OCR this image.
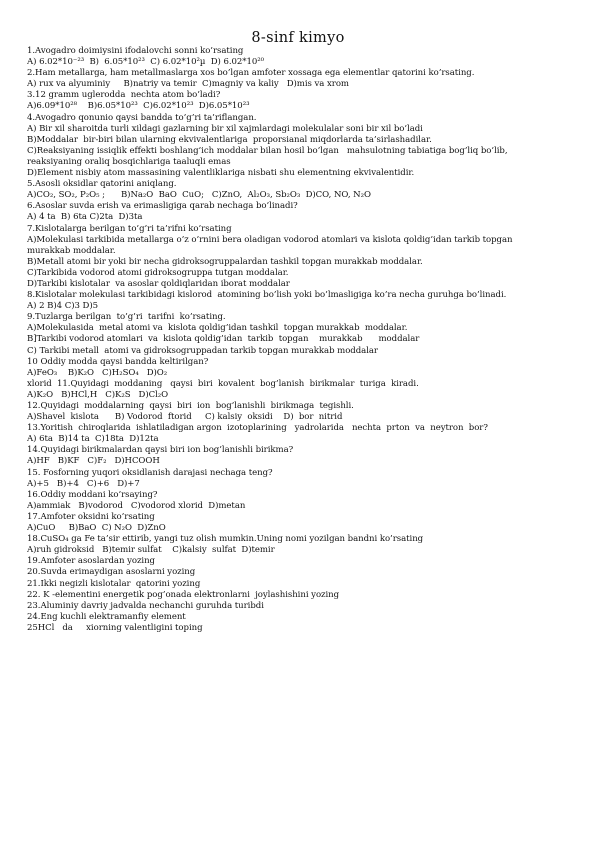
8-sinf kimyo
1.Avogadro doimiysini ifodalovchi sonni ko’rsating
A) 6.02*10⁻²³  B)  6.05*10²³  C) 6.02*10²µ  D) 6.02*10²⁰
2.Ham metallarga, ham metallmaslarga xos bo’lgan amfoter xossaga ega elementlar qatorini ko’rsating.
A) rux va alyuminiy     B)natriy va temir  C)magniy va kaliy   D)mis va xrom
3.12 gramm uglerodda  nechta atom bo’ladi?
A)6.09*10²⁸    B)6.05*10²³  C)6.02*10²³  D)6.05*10²³
4.Avogadro qonunio qaysi bandda to’g’ri ta’riflangan.
A) Bir xil sharoitda turli xildagi gazlarning bir xil xajmlardagi molekulalar soni bir xil bo’ladi
B)Moddalar  bir-biri bilan ularning ekvivalentlariga  proporsianal miqdorlarda ta’sirlashadilar.
C)Reaksiyaning issiqlik effekti boshlang’ich moddalar bilan hosil bo’lgan   mahsulotning tabiatiga bog’liq bo’lib,
reaksiyaning oraliq bosqichlariga taaluqli emas
D)Element nisbiy atom massasining valentliklariga nisbati shu elementning ekvivalentidir.
5.Asosli oksidlar qatorini aniqlang.
A)CO₂, SO₂, P₂O₅ ;      B)Na₂O  BaO  CuO;   C)ZnO,  Al₂O₃, Sb₂O₃  D)CO, NO, N₂O
6.Asoslar suvda erish va erimasligiga qarab nechaga bo’linadi?
A) 4 ta  B) 6ta C)2ta  D)3ta
7.Kislotalarga berilgan to’g’ri ta’rifni ko’rsating
A)Molekulasi tarkibida metallarga o’z o’rnini bera oladigan vodorod atomlari va kislota qoldig’idan tarkib topgan
murakkab moddalar.
B)Metall atomi bir yoki bir necha gidroksogruppalardan tashkil topgan murakkab moddalar.
C)Tarkibida vodorod atomi gidroksogruppa tutgan moddalar.
D)Tarkibi kislotalar  va asoslar qoldiqlaridan iborat moddalar
8.Kislotalar molekulasi tarkibidagi kislorod  atomining bo’lish yoki bo’lmasligiga ko’ra necha guruhga bo’linadi.
A) 2 B)4 C)3 D)5
9.Tuzlarga berilgan  to’g’ri  tarifni  ko’rsating.
A)Molekulasida  metal atomi va  kislota qoldig’idan tashkil  topgan murakkab  moddalar.
B]Tarkibi vodorod atomlari  va  kislota qoldig’idan  tarkib  topgan    murakkab      moddalar
C) Tarkibi metall  atomi va gidroksogruppadan tarkib topgan murakkab moddalar
10 Oddiy modda qaysi bandda keltirilgan?
A)FeO₃    B)K₂O   C)H₂SO₄   D)O₂
xlorid  11.Quyidagi  moddaning   qaysi  biri  kovalent  bog’lanish  birikmalar  turiga  kiradi.
A)K₂O   B)HCl,H   C)K₂S   D)Cl₂O
12.Quyidagi  moddalarning  qaysi  biri  ion  bog’lanishli  birikmaga  tegishli.
A)Shavel  kislota      B) Vodorod  ftorid     C) kalsiy  oksidi    D)  bor  nitrid
13.Yoritish  chiroqlarida  ishlatiladigan argon  izotoplarining   yadrolarida   nechta  prton  va  neytron  bor?
A) 6ta  B)14 ta  C)18ta  D)12ta
14.Quyidagi birikmalardan qaysi biri ion bog’lanishli birikma?
A)HF   B)KF   C)F₂   D)HCOOH
15. Fosforning yuqori oksidlanish darajasi nechaga teng?
A)+5   B)+4   C)+6   D)+7
16.Oddiy moddani ko’rsaying?
A)ammiak   B)vodorod   C)vodorod xlorid  D)metan
17.Amfoter oksidni ko’rsating
A)CuO     B)BaO  C) N₂O  D)ZnO
18.CuSO₄ ga Fe ta’sir ettirib, yangi tuz olish mumkin.Uning nomi yozilgan bandni ko’rsating
A)ruh gidroksid   B)temir sulfat    C)kalsiy  sulfat  D)temir
19.Amfoter asoslardan yozing
20.Suvda erimaydigan asoslarni yozing
21.Ikki negizli kislotalar  qatorini yozing
22. K -elementini energetik pog’onada elektronlarni  joylashishini yozing
23.Aluminiy davriy jadvalda nechanchi guruhda turibdi
24.Eng kuchli elektramanfiy element
25HCl   da     xiorning valentligini toping
